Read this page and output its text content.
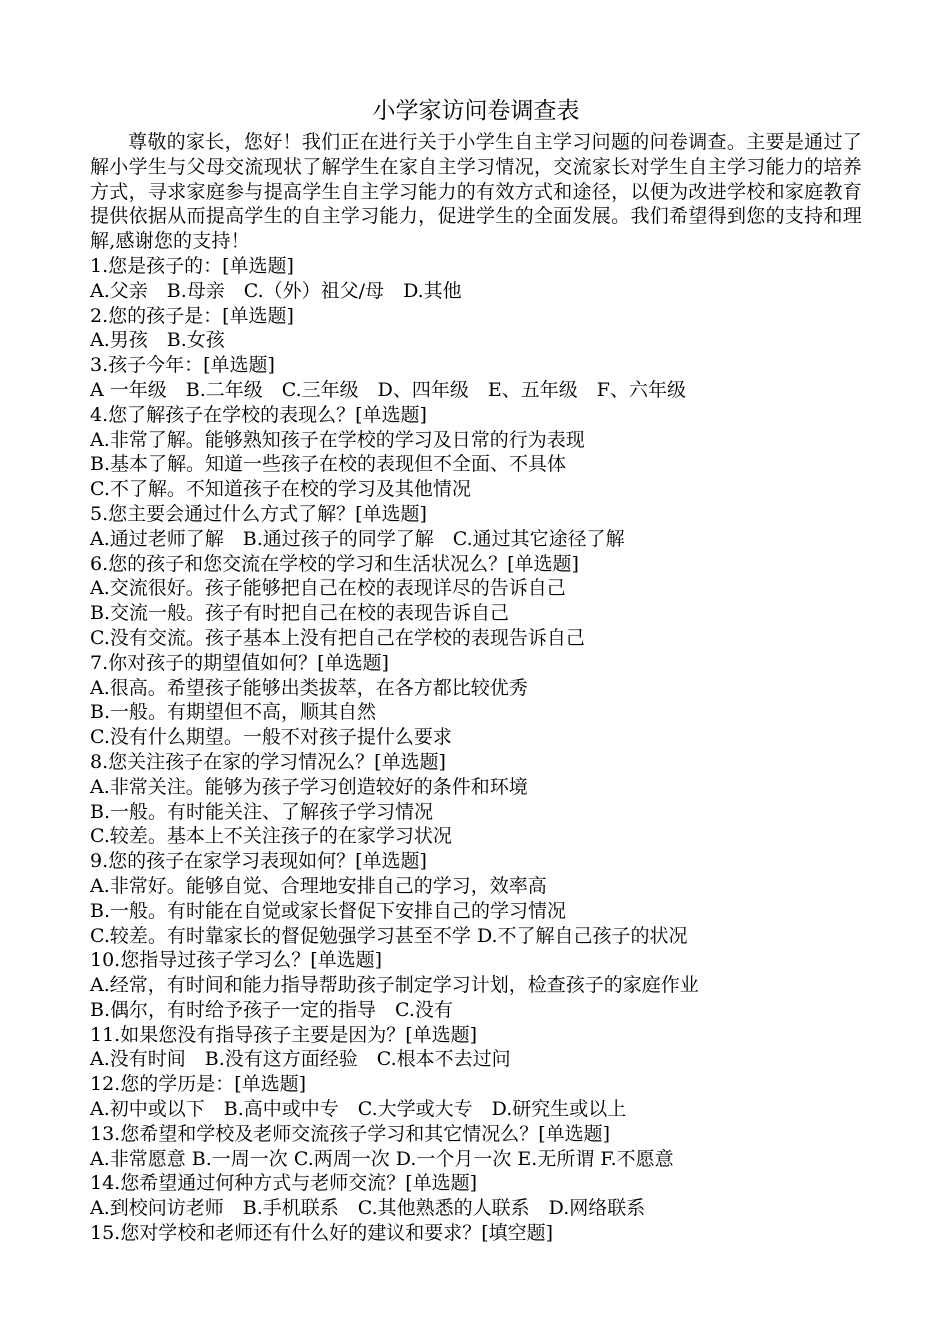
小学家访问卷调查表

尊敬的家长，您好！我们正在进行关于小学生自主学习问题的问卷调查。主要是通过了解小学生与父母交流现状了解学生在家自主学习情况，交流家长对学生自主学习能力的培养方式，寻求家庭参与提高学生自主学习能力的有效方式和途径，以便为改进学校和家庭教育提供依据从而提高学生的自主学习能力，促进学生的全面发展。我们希望得到您的支持和理解,感谢您的支持！

1.您是孩子的：[单选题]

A.父亲　B.母亲　C.（外）祖父/母　D.其他

2.您的孩子是：[单选题]

A.男孩　B.女孩

3.孩子今年：[单选题]

A 一年级　B.二年级　C.三年级　D、四年级　E、五年级　F、六年级

4.您了解孩子在学校的表现么？[单选题]

A.非常了解。能够熟知孩子在学校的学习及日常的行为表现

B.基本了解。知道一些孩子在校的表现但不全面、不具体

C.不了解。不知道孩子在校的学习及其他情况

5.您主要会通过什么方式了解？[单选题]

A.通过老师了解　B.通过孩子的同学了解　C.通过其它途径了解

6.您的孩子和您交流在学校的学习和生活状况么？[单选题]

A.交流很好。孩子能够把自己在校的表现详尽的告诉自己

B.交流一般。孩子有时把自己在校的表现告诉自己

C.没有交流。孩子基本上没有把自己在学校的表现告诉自己

7.你对孩子的期望值如何？[单选题]

A.很高。希望孩子能够出类拔萃，在各方都比较优秀

B.一般。有期望但不高，顺其自然

C.没有什么期望。一般不对孩子提什么要求

8.您关注孩子在家的学习情况么？[单选题]

A.非常关注。能够为孩子学习创造较好的条件和环境

B.一般。有时能关注、了解孩子学习情况

C.较差。基本上不关注孩子的在家学习状况

9.您的孩子在家学习表现如何？[单选题]

A.非常好。能够自觉、合理地安排自己的学习，效率高

B.一般。有时能在自觉或家长督促下安排自己的学习情况

C.较差。有时靠家长的督促勉强学习甚至不学 D.不了解自己孩子的状况

10.您指导过孩子学习么？[单选题]

A.经常，有时间和能力指导帮助孩子制定学习计划，检查孩子的家庭作业

B.偶尔，有时给予孩子一定的指导　C.没有

11.如果您没有指导孩子主要是因为？[单选题]

A.没有时间　B.没有这方面经验　C.根本不去过问

12.您的学历是：[单选题]

A.初中或以下　B.高中或中专　C.大学或大专　D.研究生或以上

13.您希望和学校及老师交流孩子学习和其它情况么？[单选题]

A.非常愿意 B.一周一次 C.两周一次 D.一个月一次 E.无所谓 F.不愿意

14.您希望通过何种方式与老师交流？[单选题]

A.到校问访老师　B.手机联系　C.其他熟悉的人联系　D.网络联系

15.您对学校和老师还有什么好的建议和要求？[填空题]
